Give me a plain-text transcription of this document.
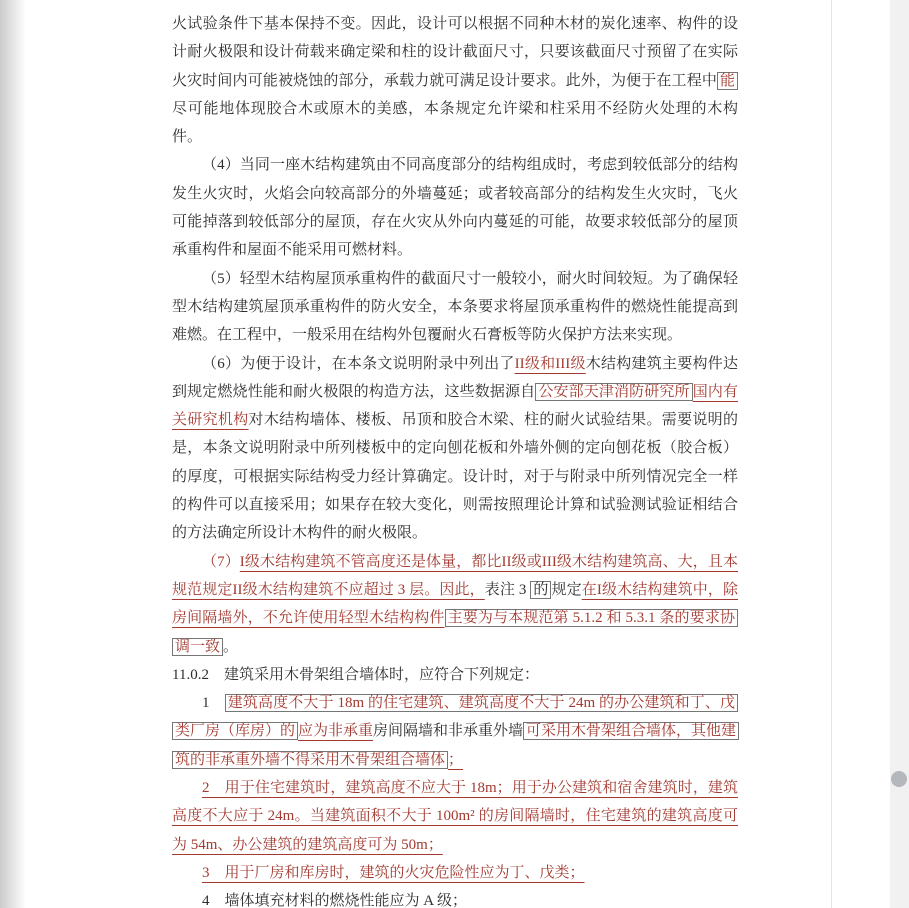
火试验条件下基本保持不变。因此，设计可以根据不同种木材的炭化速率、构件的设计耐火极限和设计荷载来确定梁和柱的设计截面尺寸，只要该截面尺寸预留了在实际火灾时间内可能被烧蚀的部分，承载力就可满足设计要求。此外，为便于在工程中 能尽可能地体现胶合木或原木的美感，本条规定允许梁和柱采用不经防火处理的木构件。

（4）当同一座木结构建筑由不同高度部分的结构组成时，考虑到较低部分的结构发生火灾时，火焰会向较高部分的外墙蔓延；或者较高部分的结构发生火灾时，飞火可能掉落到较低部分的屋顶，存在火灾从外向内蔓延的可能，故要求较低部分的屋顶承重构件和屋面不能采用可燃材料。

（5）轻型木结构屋顶承重构件的截面尺寸一般较小，耐火时间较短。为了确保轻型木结构建筑屋顶承重构件的防火安全，本条要求将屋顶承重构件的燃烧性能提高到难燃。在工程中，一般采用在结构外包覆耐火石膏板等防火保护方法来实现。

（6）为便于设计，在本条文说明附录中列出了II级和III级木结构建筑主要构件达到规定燃烧性能和耐火极限的构造方法，这些数据源自 公安部天津消防研究所 国内有关研究机构对木结构墙体、楼板、吊顶和胶合木梁、柱的耐火试验结果。需要说明的是，本条文说明附录中所列楼板中的定向刨花板和外墙外侧的定向刨花板（胶合板）的厚度，可根据实际结构受力经计算确定。设计时，对于与附录中所列情况完全一样的构件可以直接采用；如果存在较大变化，则需按照理论计算和试验测试验证相结合的方法确定所设计木构件的耐火极限。

（7）I级木结构建筑不管高度还是体量，都比II级或III级木结构建筑高、大，且本规范规定II级木结构建筑不应超过 3 层。因此，表注 3 的 规定在I级木结构建筑中，除房间隔墙外，不允许使用轻型木结构构件 主要为与本规范第 5.1.2 和 5.3.1 条的要求协调一致 。

11.0.2　建筑采用木骨架组合墙体时，应符合下列规定：

1　建筑高度不大于 18m 的住宅建筑、建筑高度不大于 24m 的办公建筑和丁、戊类厂房（库房）的 应为非承重房间隔墙和非承重外墙 可采用木骨架组合墙体，其他建筑的非承重外墙不得采用木骨架组合墙体 ；

2　用于住宅建筑时，建筑高度不应大于 18m；用于办公建筑和宿舍建筑时，建筑高度不大应于 24m。当建筑面积不大于 100m² 的房间隔墙时，住宅建筑的建筑高度可为 54m、办公建筑的建筑高度可为 50m；

3　用于厂房和库房时，建筑的火灾危险性应为丁、戊类；

4　墙体填充材料的燃烧性能应为 A 级；
